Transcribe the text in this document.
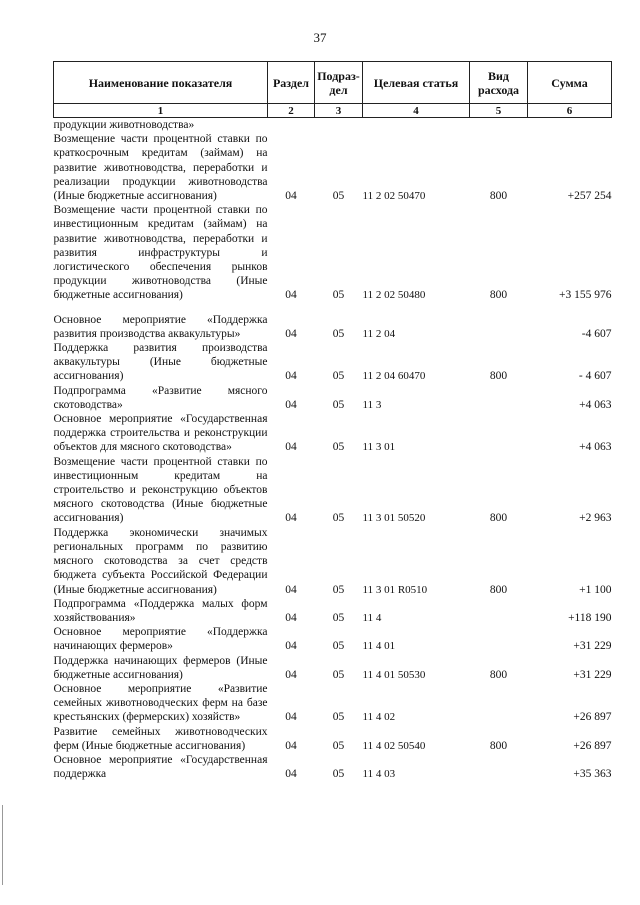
37
Наименование показателя	Раздел	Подраз-дел	Целевая статья	Вид расхода	Сумма
1	2	3	4	5	6
продукции животноводства»					
Возмещение части процентной ставки по краткосрочным кредитам (займам) на развитие животноводства, переработки и реализации продукции животноводства (Иные бюджетные ассигнования)	04	05	11 2 02 50470	800	+257 254
Возмещение части процентной ставки по инвестиционным кредитам (займам) на развитие животноводства, переработки и развития инфраструктуры и логистического обеспечения рынков продукции животноводства (Иные бюджетные ассигнования)	04	05	11 2 02 50480	800	+3 155 976

Основное мероприятие «Поддержка развития производства аквакультуры»	04	05	11 2 04		-4 607
Поддержка развития производства аквакультуры (Иные бюджетные ассигнования)	04	05	11 2 04 60470	800	- 4 607
Подпрограмма «Развитие мясного скотоводства»	04	05	11 3		+4 063
Основное мероприятие «Государственная поддержка строительства и реконструкции объектов для мясного скотоводства»	04	05	11 3 01		+4 063
Возмещение части процентной ставки по инвестиционным кредитам на строительство и реконструкцию объектов мясного скотоводства (Иные бюджетные ассигнования)	04	05	11 3 01 50520	800	+2 963
Поддержка экономически значимых региональных программ по развитию мясного скотоводства за счет средств бюджета субъекта Российской Федерации (Иные бюджетные ассигнования)	04	05	11 3 01 R0510	800	+1 100
Подпрограмма «Поддержка малых форм хозяйствования»	04	05	11 4		+118 190
Основное мероприятие «Поддержка начинающих фермеров»	04	05	11 4 01		+31 229
Поддержка начинающих фермеров (Иные бюджетные ассигнования)	04	05	11 4 01 50530	800	+31 229
Основное мероприятие «Развитие семейных животноводческих ферм на базе крестьянских (фермерских) хозяйств»	04	05	11 4 02		+26 897
Развитие семейных животноводческих ферм (Иные бюджетные ассигнования)	04	05	11 4 02 50540	800	+26 897
Основное мероприятие «Государственная поддержка	04	05	11 4 03		+35 363
